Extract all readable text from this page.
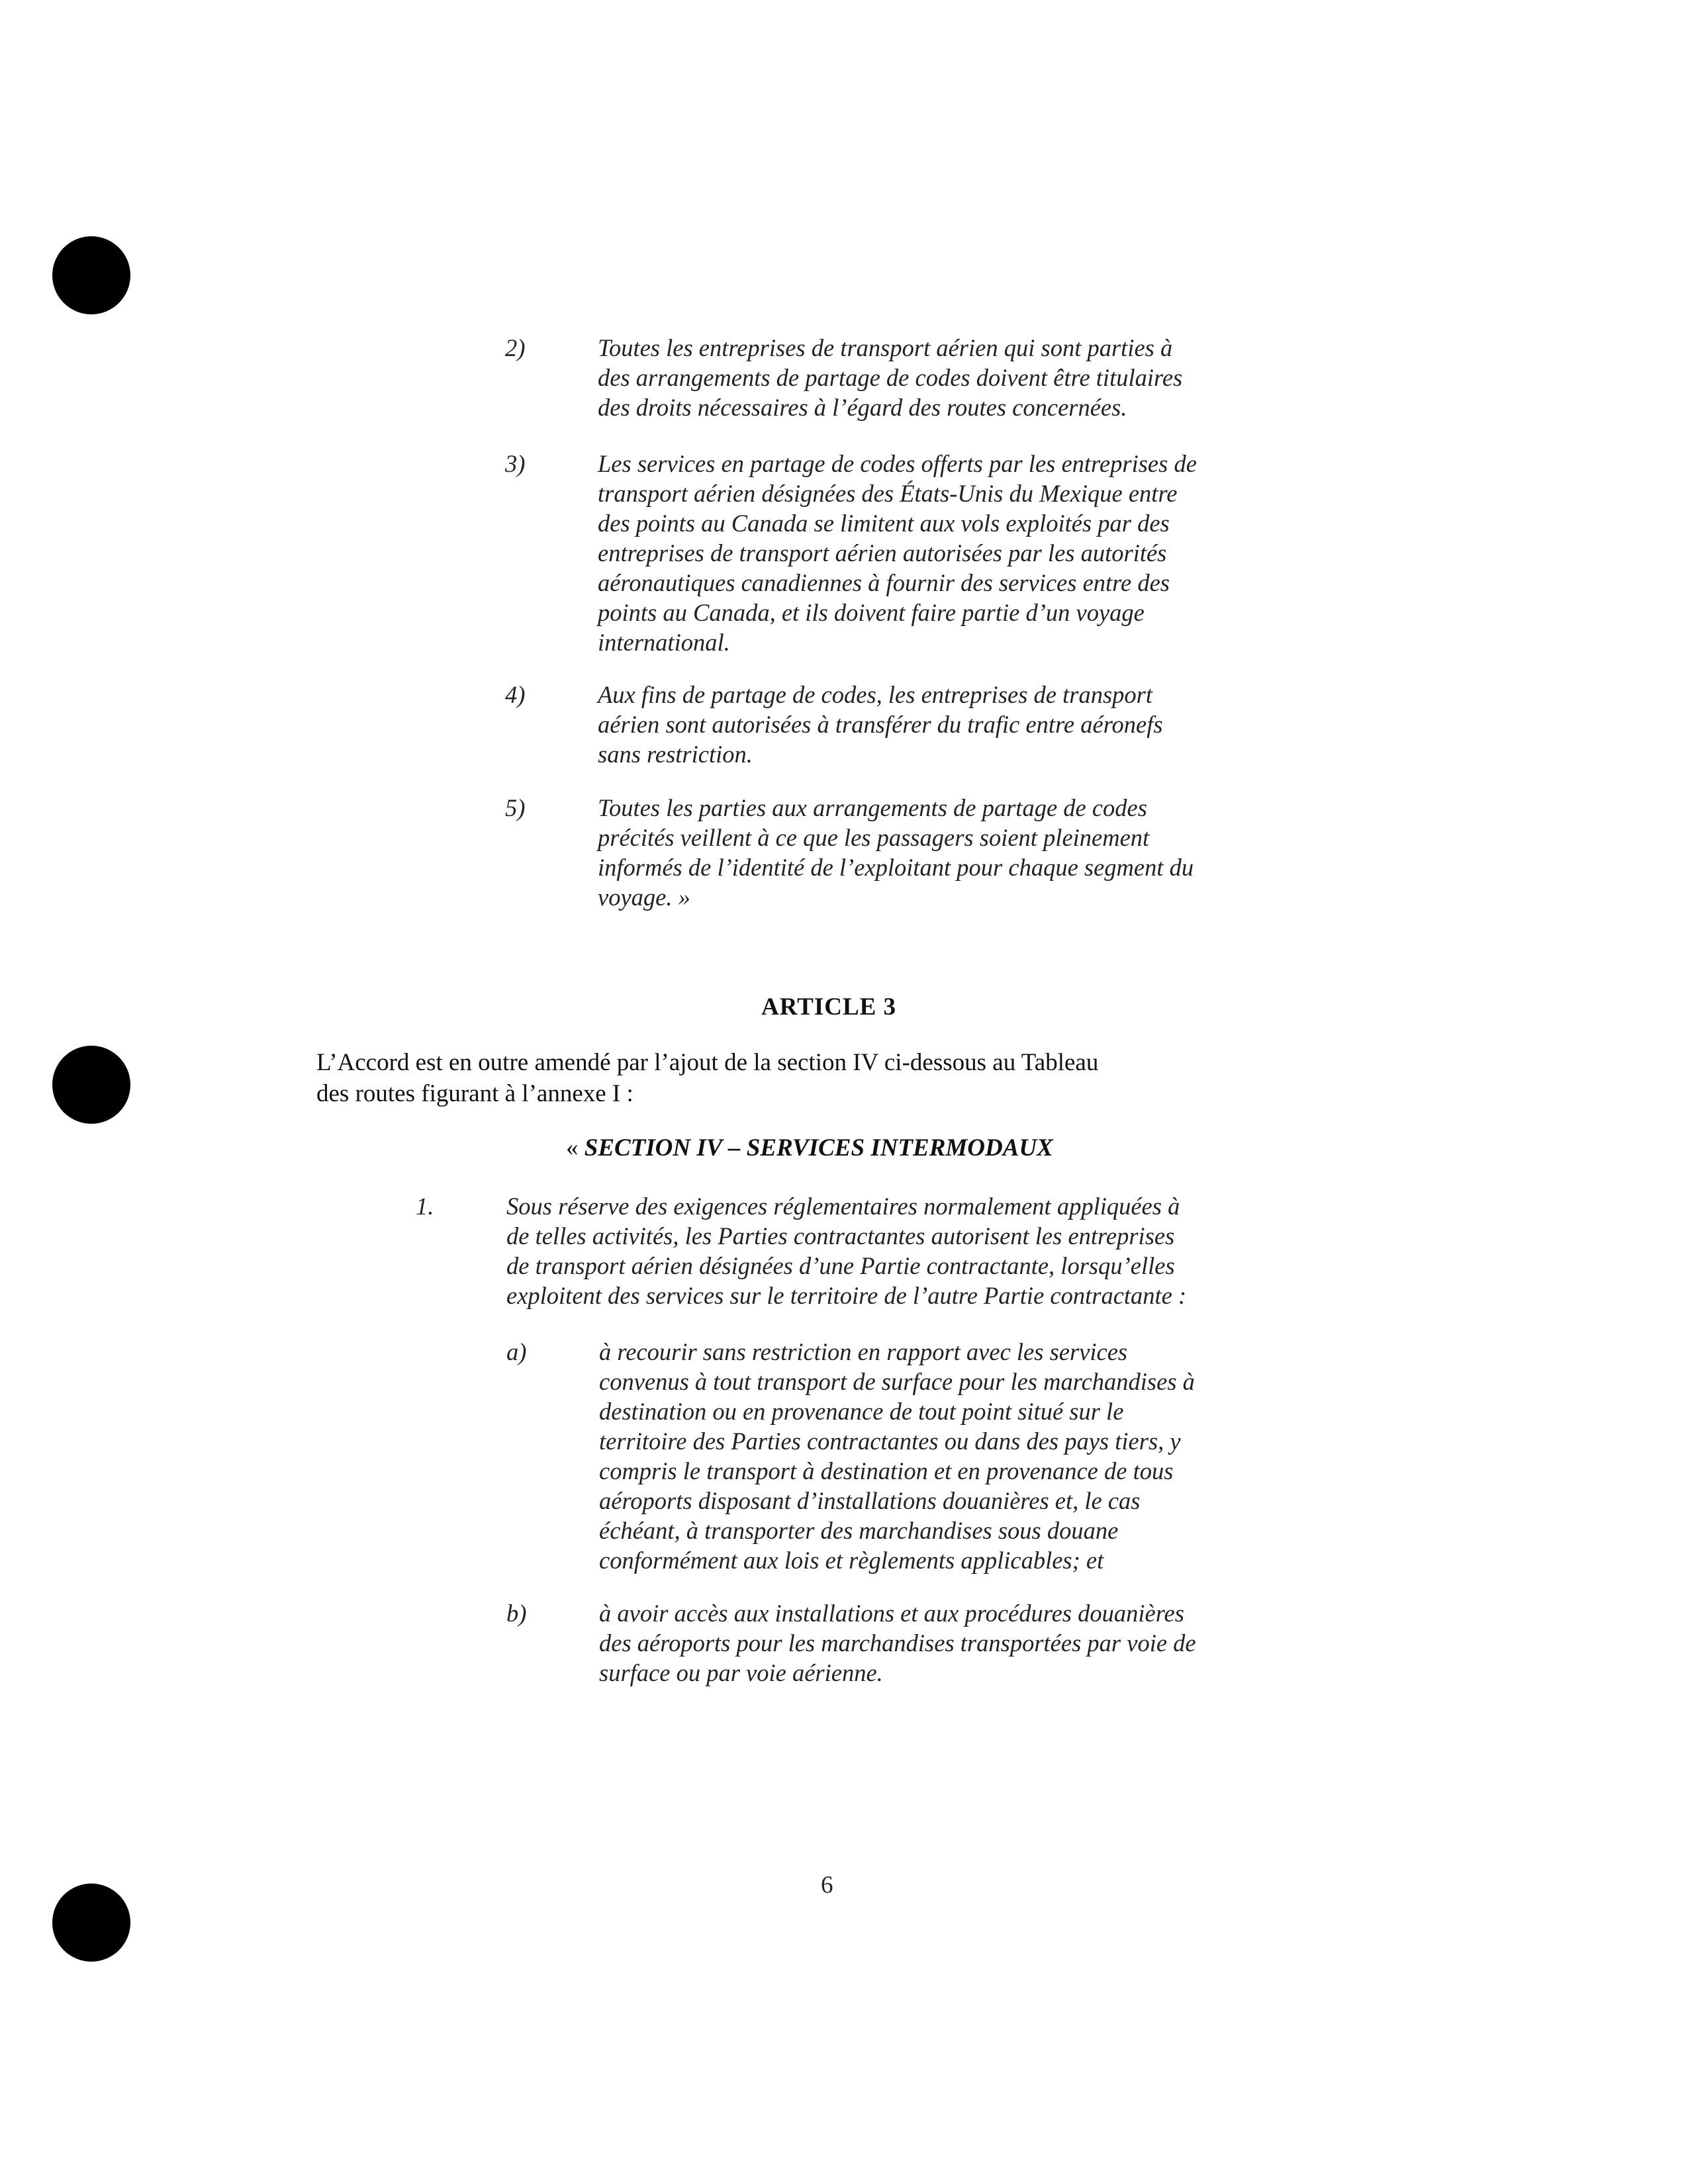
2)	Toutes les entreprises de transport aérien qui sont parties à
des arrangements de partage de codes doivent être titulaires
des droits nécessaires à l’égard des routes concernées.
3)	Les services en partage de codes offerts par les entreprises de
transport aérien désignées des États-Unis du Mexique entre
des points au Canada se limitent aux vols exploités par des
entreprises de transport aérien autorisées par les autorités
aéronautiques canadiennes à fournir des services entre des
points au Canada, et ils doivent faire partie d’un voyage
international.
4)	Aux fins de partage de codes, les entreprises de transport
aérien sont autorisées à transférer du trafic entre aéronefs
sans restriction.
5)	Toutes les parties aux arrangements de partage de codes
précités veillent à ce que les passagers soient pleinement
informés de l’identité de l’exploitant pour chaque segment du
voyage. »
ARTICLE 3
L’Accord est en outre amendé par l’ajout de la section IV ci-dessous au Tableau
des routes figurant à l’annexe I :
« SECTION IV – SERVICES INTERMODAUX
1.	Sous réserve des exigences réglementaires normalement appliquées à
de telles activités, les Parties contractantes autorisent les entreprises
de transport aérien désignées d’une Partie contractante, lorsqu’elles
exploitent des services sur le territoire de l’autre Partie contractante :
a)	à recourir sans restriction en rapport avec les services
convenus à tout transport de surface pour les marchandises à
destination ou en provenance de tout point situé sur le
territoire des Parties contractantes ou dans des pays tiers, y
compris le transport à destination et en provenance de tous
aéroports disposant d’installations douanières et, le cas
échéant, à transporter des marchandises sous douane
conformément aux lois et règlements applicables; et
b)	à avoir accès aux installations et aux procédures douanières
des aéroports pour les marchandises transportées par voie de
surface ou par voie aérienne.
6
